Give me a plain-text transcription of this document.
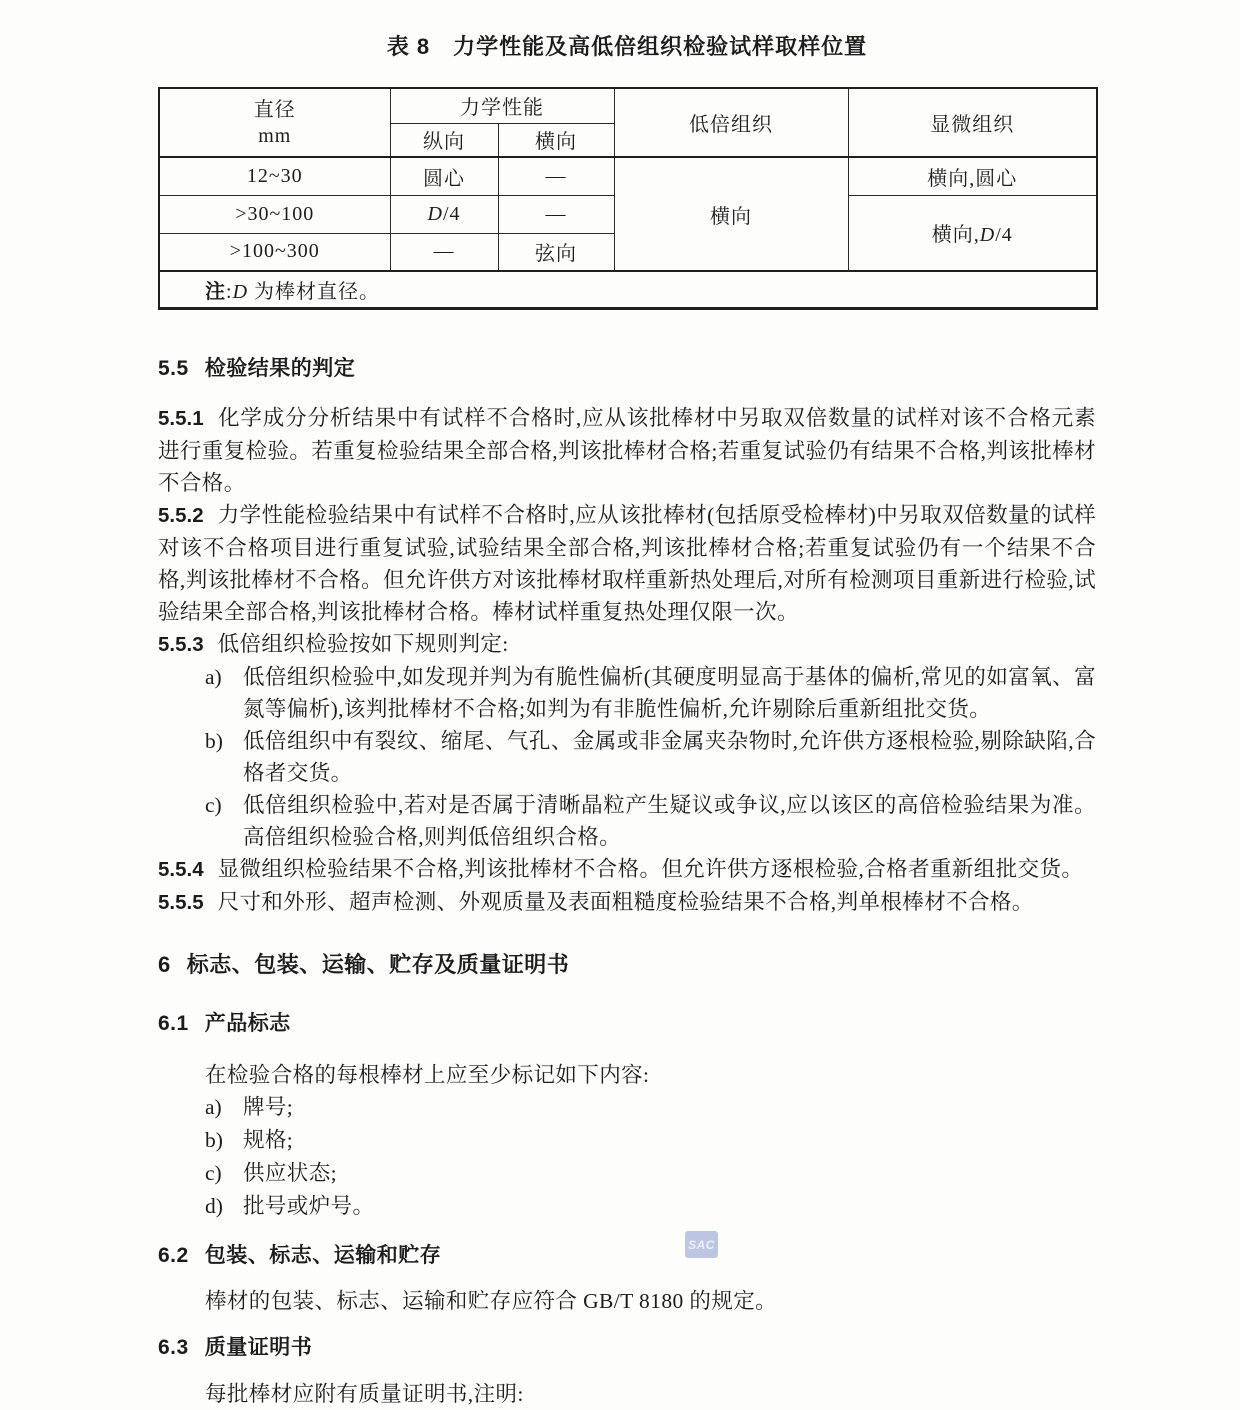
表 8　力学性能及高低倍组织检验试样取样位置
直径
mm	力学性能		低倍组织	显微组织
	纵向	横向		
12~30	圆心	—	横向	横向,圆心
>30~100	D/4	—		横向,D/4
>100~300	—	弦向		
注:D 为棒材直径。				
5.5 检验结果的判定

5.5.1 化学成分分析结果中有试样不合格时,应从该批棒材中另取双倍数量的试样对该不合格元素进行重复检验。若重复检验结果全部合格,判该批棒材合格;若重复试验仍有结果不合格,判该批棒材不合格。

5.5.2 力学性能检验结果中有试样不合格时,应从该批棒材(包括原受检棒材)中另取双倍数量的试样对该不合格项目进行重复试验,试验结果全部合格,判该批棒材合格;若重复试验仍有一个结果不合格,判该批棒材不合格。但允许供方对该批棒材取样重新热处理后,对所有检测项目重新进行检验,试验结果全部合格,判该批棒材合格。棒材试样重复热处理仅限一次。

5.5.3 低倍组织检验按如下规则判定:

a) 低倍组织检验中,如发现并判为有脆性偏析(其硬度明显高于基体的偏析,常见的如富氧、富氮等偏析),该判批棒材不合格;如判为有非脆性偏析,允许剔除后重新组批交货。
b) 低倍组织中有裂纹、缩尾、气孔、金属或非金属夹杂物时,允许供方逐根检验,剔除缺陷,合格者交货。
c) 低倍组织检验中,若对是否属于清晰晶粒产生疑议或争议,应以该区的高倍检验结果为准。高倍组织检验合格,则判低倍组织合格。

5.5.4 显微组织检验结果不合格,判该批棒材不合格。但允许供方逐根检验,合格者重新组批交货。

5.5.5 尺寸和外形、超声检测、外观质量及表面粗糙度检验结果不合格,判单根棒材不合格。

6 标志、包装、运输、贮存及质量证明书
6.1 产品标志

在检验合格的每根棒材上应至少标记如下内容:

a) 牌号;
b) 规格;
c) 供应状态;
d) 批号或炉号。
6.2 包装、标志、运输和贮存

棒材的包装、标志、运输和贮存应符合 GB/T 8180 的规定。

6.3 质量证明书

每批棒材应附有质量证明书,注明:

SAC
